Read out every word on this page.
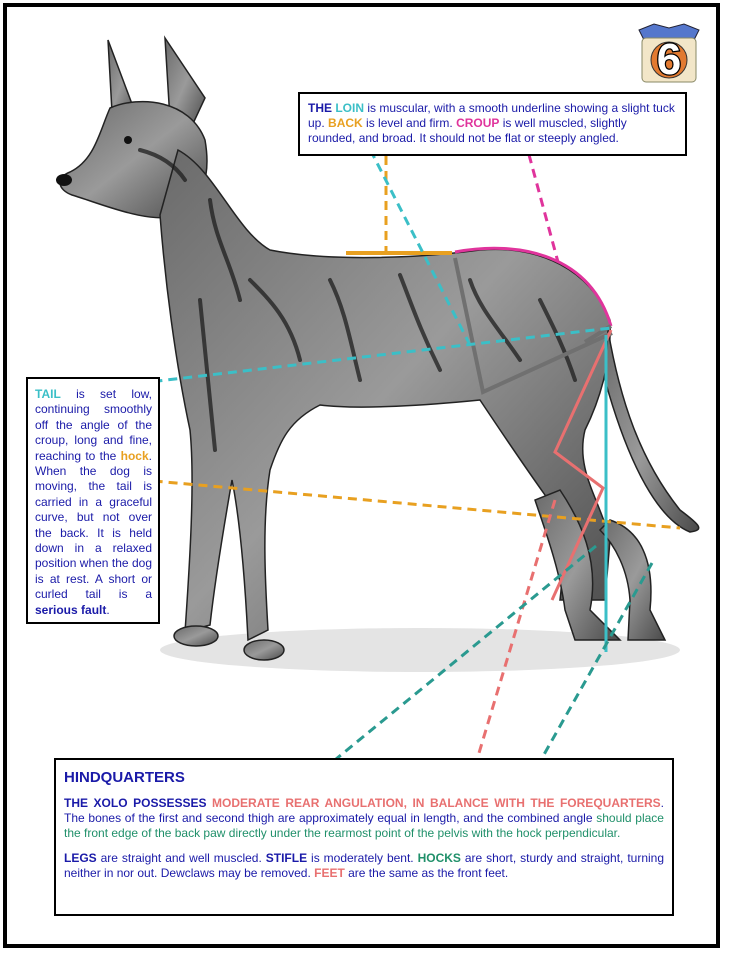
6
THE LOIN is muscular, with a smooth underline showing a slight tuck up. BACK is level and firm. CROUP is well muscled, slightly rounded, and broad. It should not be flat or steeply angled.
TAIL is set low, continuing smoothly off the angle of the croup, long and fine, reaching to the hock. When the dog is moving, the tail is carried in a graceful curve, but not over the back. It is held down in a relaxed position when the dog is at rest. A short or curled tail is a serious fault.
HINDQUARTERS

THE XOLO POSSESSES MODERATE REAR ANGULATION, IN BALANCE WITH THE FOREQUARTERS. The bones of the first and second thigh are approximately equal in length, and the combined angle should place the front edge of the back paw directly under the rearmost point of the pelvis with the hock perpendicular.

LEGS are straight and well muscled. STIFLE is moderately bent. HOCKS are short, sturdy and straight, turning neither in nor out. Dewclaws may be removed. FEET are the same as the front feet.
